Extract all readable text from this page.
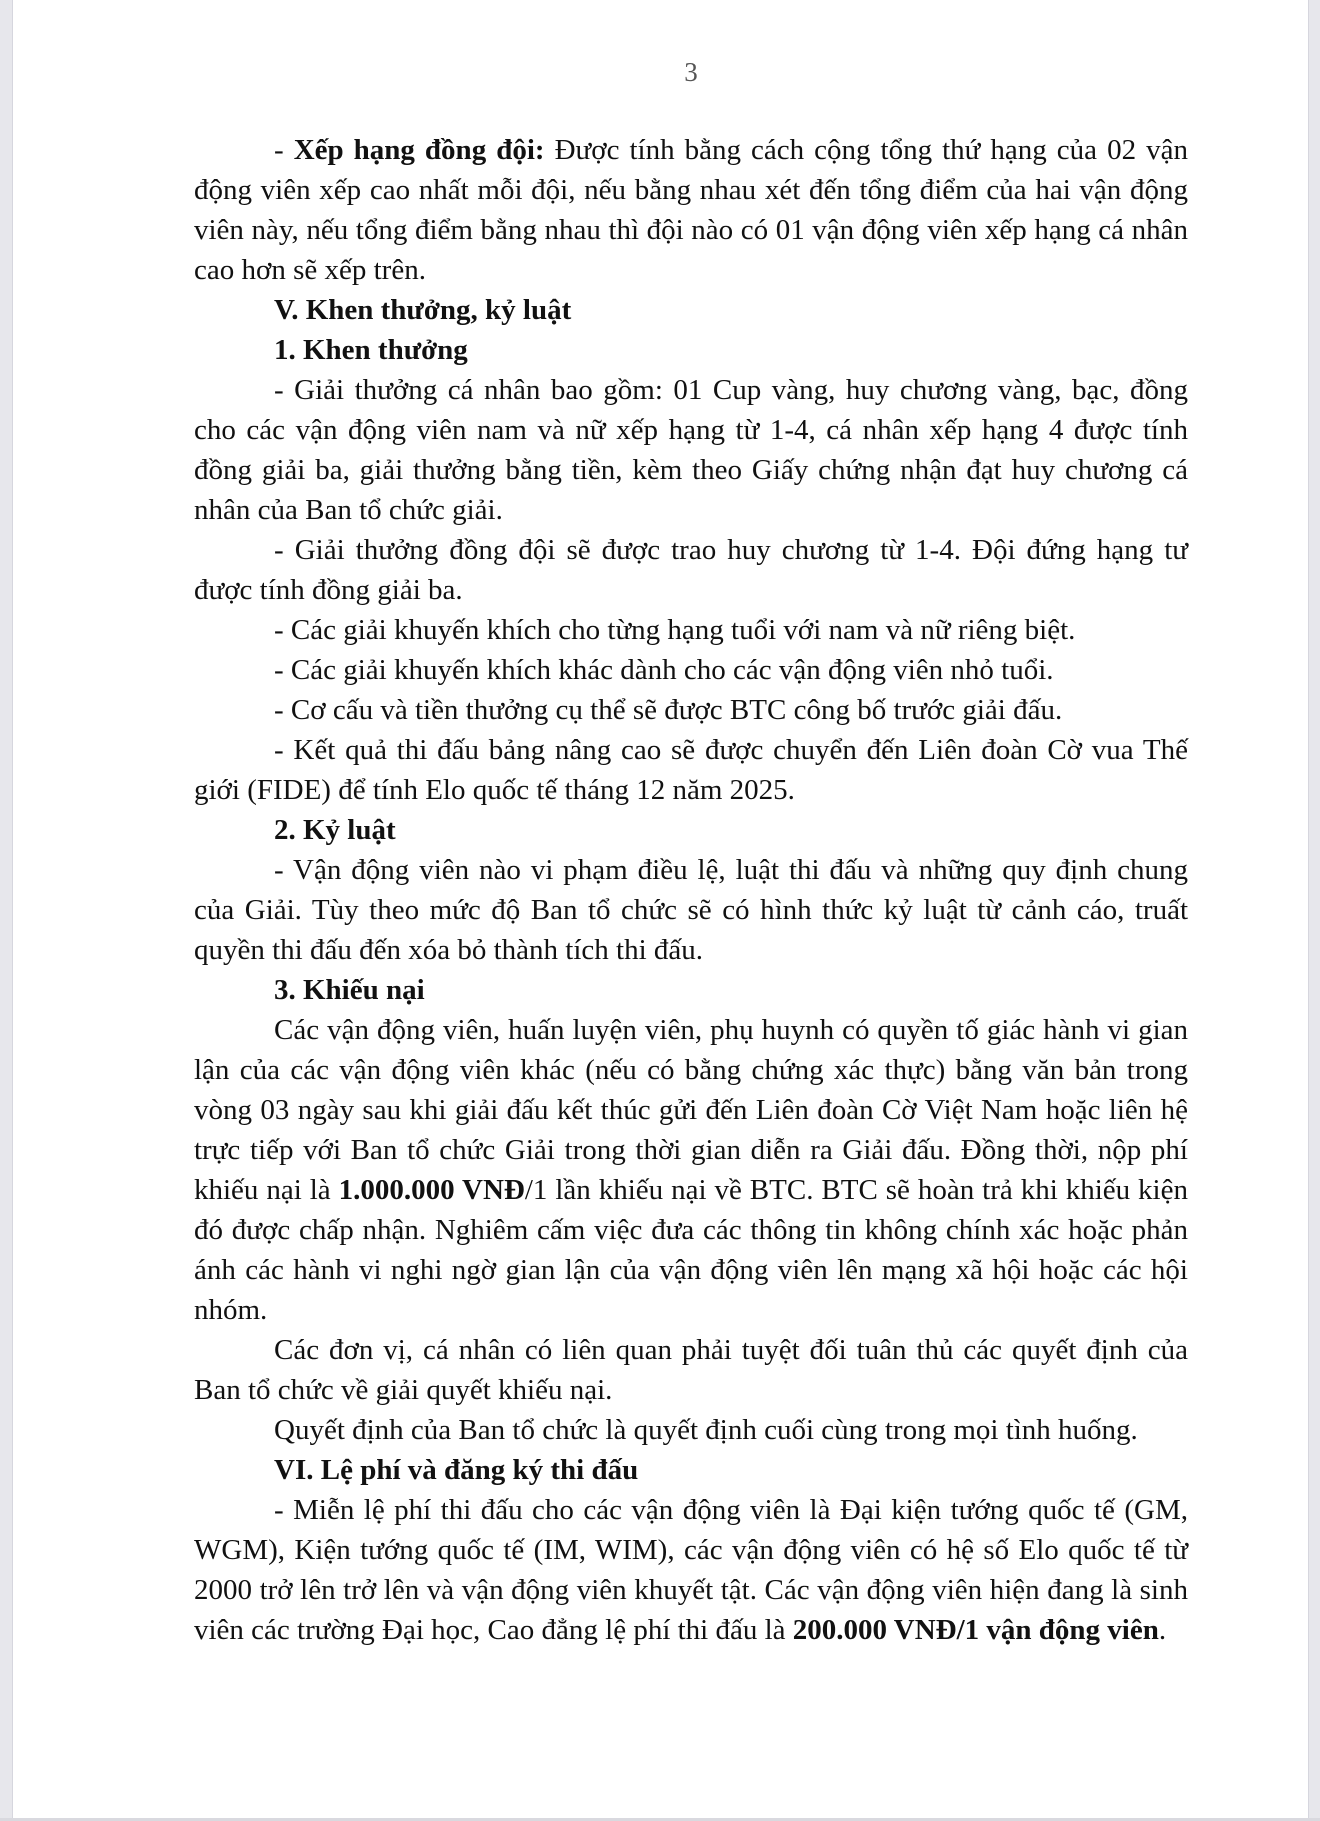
3

- Xếp hạng đồng đội: Được tính bằng cách cộng tổng thứ hạng của 02 vận động viên xếp cao nhất mỗi đội, nếu bằng nhau xét đến tổng điểm của hai vận động viên này, nếu tổng điểm bằng nhau thì đội nào có 01 vận động viên xếp hạng cá nhân cao hơn sẽ xếp trên.

V. Khen thưởng, kỷ luật

1. Khen thưởng

- Giải thưởng cá nhân bao gồm: 01 Cup vàng, huy chương vàng, bạc, đồng cho các vận động viên nam và nữ xếp hạng từ 1-4, cá nhân xếp hạng 4 được tính đồng giải ba, giải thưởng bằng tiền, kèm theo Giấy chứng nhận đạt huy chương cá nhân của Ban tổ chức giải.

- Giải thưởng đồng đội sẽ được trao huy chương từ 1-4. Đội đứng hạng tư được tính đồng giải ba.

- Các giải khuyến khích cho từng hạng tuổi với nam và nữ riêng biệt.

- Các giải khuyến khích khác dành cho các vận động viên nhỏ tuổi.

- Cơ cấu và tiền thưởng cụ thể sẽ được BTC công bố trước giải đấu.

- Kết quả thi đấu bảng nâng cao sẽ được chuyển đến Liên đoàn Cờ vua Thế giới (FIDE) để tính Elo quốc tế tháng 12 năm 2025.

2. Kỷ luật

- Vận động viên nào vi phạm điều lệ, luật thi đấu và những quy định chung của Giải. Tùy theo mức độ Ban tổ chức sẽ có hình thức kỷ luật từ cảnh cáo, truất quyền thi đấu đến xóa bỏ thành tích thi đấu.

3. Khiếu nại

Các vận động viên, huấn luyện viên, phụ huynh có quyền tố giác hành vi gian lận của các vận động viên khác (nếu có bằng chứng xác thực) bằng văn bản trong vòng 03 ngày sau khi giải đấu kết thúc gửi đến Liên đoàn Cờ Việt Nam hoặc liên hệ trực tiếp với Ban tổ chức Giải trong thời gian diễn ra Giải đấu. Đồng thời, nộp phí khiếu nại là 1.000.000 VNĐ/1 lần khiếu nại về BTC. BTC sẽ hoàn trả khi khiếu kiện đó được chấp nhận. Nghiêm cấm việc đưa các thông tin không chính xác hoặc phản ánh các hành vi nghi ngờ gian lận của vận động viên lên mạng xã hội hoặc các hội nhóm.

Các đơn vị, cá nhân có liên quan phải tuyệt đối tuân thủ các quyết định của Ban tổ chức về giải quyết khiếu nại.

Quyết định của Ban tổ chức là quyết định cuối cùng trong mọi tình huống.

VI. Lệ phí và đăng ký thi đấu

- Miễn lệ phí thi đấu cho các vận động viên là Đại kiện tướng quốc tế (GM, WGM), Kiện tướng quốc tế (IM, WIM), các vận động viên có hệ số Elo quốc tế từ 2000 trở lên trở lên và vận động viên khuyết tật. Các vận động viên hiện đang là sinh viên các trường Đại học, Cao đẳng lệ phí thi đấu là 200.000 VNĐ/1 vận động viên.
